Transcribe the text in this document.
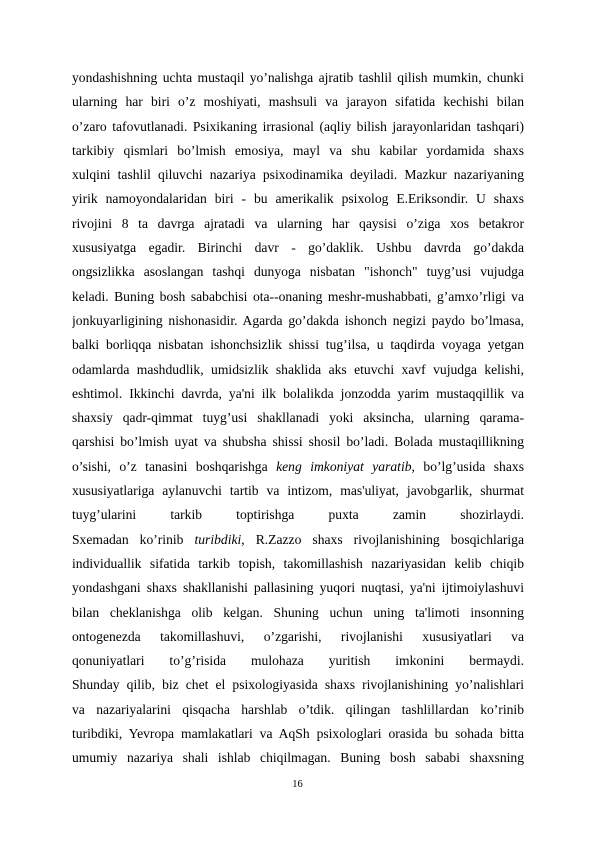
yondashishning uchta mustaqil yo’nalishga ajratib tashlil qilish mumkin, chunki
ularning har biri o’z moshiyati, mashsuli va jarayon sifatida kechishi bilan
o’zaro tafovutlanadi. Psixikaning irrasional (aqliy bilish jarayonlaridan tashqari)
tarkibiy qismlari bo’lmish emosiya, mayl va shu kabilar yordamida shaxs
xulqini tashlil qiluvchi nazariya psixodinamika deyiladi. Mazkur nazariyaning
yirik namoyondalaridan biri - bu amerikalik psixolog E.Eriksondir. U shaxs
rivojini 8 ta davrga ajratadi va ularning har qaysisi o’ziga xos betakror
xususiyatga egadir. Birinchi davr - go’daklik. Ushbu davrda go’dakda
ongsizlikka asoslangan tashqi dunyoga nisbatan "ishonch" tuyg’usi vujudga
keladi. Buning bosh sababchisi ota--onaning meshr-mushabbati, g’amxo’rligi va
jonkuyarligining nishonasidir. Agarda go’dakda ishonch negizi paydo bo’lmasa,
balki borliqqa nisbatan ishonchsizlik shissi tug’ilsa, u taqdirda voyaga yetgan
odamlarda mashdudlik, umidsizlik shaklida aks etuvchi xavf vujudga kelishi,
eshtimol. Ikkinchi davrda, ya'ni ilk bolalikda jonzodda yarim mustaqqillik va
shaxsiy qadr-qimmat tuyg’usi shakllanadi yoki aksincha, ularning qarama-
qarshisi bo’lmish uyat va shubsha shissi shosil bo’ladi. Bolada mustaqillikning
o’sishi, o’z tanasini boshqarishga keng imkoniyat yaratib, bo’lg’usida shaxs
xususiyatlariga aylanuvchi tartib va intizom, mas'uliyat, javobgarlik, shurmat
tuyg’ularini tarkib toptirishga puxta zamin shozirlaydi.
Sxemadan ko’rinib turibdiki, R.Zazzo shaxs rivojlanishining bosqichlariga
individuallik sifatida tarkib topish, takomillashish nazariyasidan kelib chiqib
yondashgani shaxs shakllanishi pallasining yuqori nuqtasi, ya'ni ijtimoiylashuvi
bilan cheklanishga olib kelgan. Shuning uchun uning ta'limoti insonning
ontogenezda takomillashuvi, o’zgarishi, rivojlanishi xususiyatlari va
qonuniyatlari to’g’risida mulohaza yuritish imkonini bermaydi.
Shunday qilib, biz chet el psixologiyasida shaxs rivojlanishining yo’nalishlari
va nazariyalarini qisqacha harshlab o’tdik. qilingan tashlillardan ko’rinib
turibdiki, Yevropa mamlakatlari va AqSh psixologlari orasida bu sohada bitta
umumiy nazariya shali ishlab chiqilmagan. Buning bosh sababi shaxsning
16
